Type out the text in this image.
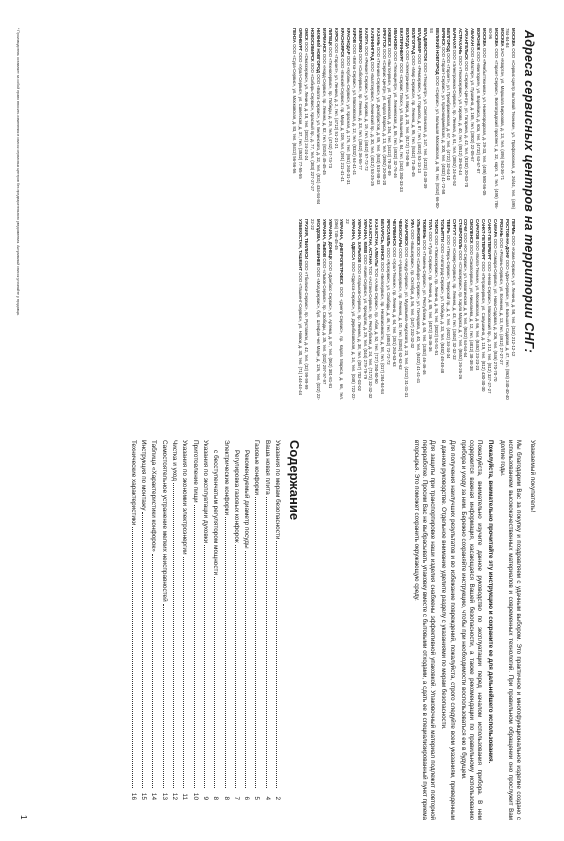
Адреса сервисных центров на территории СНГ:

МОСКВА ООО «Сервис-Центр Бытовой Техники», ул. Профсоюзная, д. 26/44, тел. (495) 784-84-84

МОСКВА ЗАО «Кварта», ул. Маршала Бирюзова, д. 13, тел. (495) 943-36-71

МОСКВА ООО «Гарант-Сервис», Волгоградский проспект, д. 32, корп. 3, тел. (495) 786-60-96

МОСКВА ООО «Рембыттехника», ул. Нижегородская, д. 29-33, тел. (495) 580-56-05

ВОРОНЕЖ ООО «Виктория», ул. Варейкиса, д. 60а, тел. (4732) 63-67-87

АБАКАН ООО «Мастер», ул. Пушкина, д. 165, тел. (3902) 22-05-67

АРХАНГЕЛЬСК ООО «Сервис-Центр», ул. Гагарина, д. 42, тел. (8182) 20-83-70

АСТРАХАНЬ ООО «Техносервис», ул. Кирова, д. 40, тел. (8512) 39-63-44

БАРНАУЛ ООО «Электроника-Сервис», пр. Ленина, д. 61, тел. (3852) 24-62-52

БЕЛГОРОД ООО «Гарант», ул. Преображенская, д. 67, тел. (4722) 32-64-10

БРЯНСК ООО «Гарант-Сервис», ул. Красноармейская, д. 100, тел. (4832) 41-72-58

ВЕЛИКИЙ НОВГОРОД ООО «Сервис», ул. Большая Московская, д. 58, тел. (8162) 66-00-93

ВЛАДИВОСТОК ООО «Техцентр», ул. Светланская, д. 147, тел. (4232) 43-39-39

ВЛАДИМИР ООО «Ремсервис», ул. Горького, д. 87, тел. (4922) 53-13-13

ВОЛГОГРАД ООО «Мир Сервиса», пр. Ленина, д. 95, тел. (8442) 73-45-45

ВОЛОГДА ООО «Электроника», ул. Мира, д. 20, тел. (8172) 72-50-96

ЕКАТЕРИНБУРГ ООО «Сервис Плюс», ул. Малышева, д. 84, тел. (343) 350-33-33

ИВАНОВО ООО «Техноцентр», ул. Лежневская, д. 55, тел. (4932) 32-76-46

ИЖЕВСК ООО «Бытсервис», ул. Пушкинская, д. 154, тел. (3412) 78-32-89

ИРКУТСК ООО «Сервис-Центр», ул. Карла Маркса, д. 13, тел. (3952) 20-85-20

КАЗАНЬ ООО «Техника-Сервис», ул. Декабристов, д. 85, тел. (843) 518-88-33

КАЛИНИНГРАД ООО «Балтсервис», Ленинский пр., д. 30, тел. (4012) 53-25-25

КАЛУГА ООО «Ремонт-Сервис», ул. Кирова, д. 19, тел. (4842) 57-72-72

КЕМЕРОВО ООО «Сибсервис», пр. Ленина, д. 33, тел. (3842) 36-55-77

КИРОВ ООО «Вятка-Сервис», ул. Московская, д. 12, тел. (8332) 64-41-41

КРАСНОДАР ООО «Кубань-Сервис», ул. Красная, д. 176, тел. (861) 260-31-31

КРАСНОЯРСК ООО «Енисей-Сервис», пр. Мира, д. 109, тел. (391) 211-41-41

КУРСК ООО «Гарант», ул. Ленина, д. 2, тел. (4712) 51-21-21

ЛИПЕЦК ООО «Техносервис», пр. Победы, д. 29, тел. (4742) 27-73-73

МУРМАНСК ООО «Норд-Сервис», пр. Ленина, д. 82, тел. (8152) 45-45-45

НИЖНИЙ НОВГОРОД ООО «Волга-Сервис», ул. Белинского, д. 32, тел. (831) 434-84-84

НОВОСИБИРСК ООО «Сибирь-Сервис», Красный пр., д. 77, тел. (383) 227-27-27

ОМСК ООО «Омсксервис», ул. Ленина, д. 18, тел. (3812) 24-24-24

ОРЕНБУРГ ООО «Урал-Сервис», ул. Советская, д. 37, тел. (3532) 77-55-55

ПЕНЗА ООО «Сура-Сервис», ул. Московская, д. 83, тел. (8412) 56-56-56

ПЕРМЬ ООО «Кама-Сервис», ул. Ленина, д. 58, тел. (342) 212-12-12

РОСТОВ-НА-ДОНУ ООО «Дон-Сервис», ул. Большая Садовая, д. 47, тел. (863) 240-40-40

РЯЗАНЬ ООО «Рязань-Сервис», ул. Есенина, д. 13, тел. (4912) 27-27-27

САМАРА ООО «Самара-Сервис», ул. Ново-Садовая, д. 106, тел. (846) 270-70-70

САНКТ-ПЕТЕРБУРГ ООО «Нева-Сервис», Московский пр., д. 212, тел. (812) 327-27-27

САНКТ-ПЕТЕРБУРГ ООО «Петросервис», ул. Савушкина, д. 119, тел. (812) 430-30-30

САРАТОВ ООО «Волга-Техник», ул. Московская, д. 66, тел. (8452) 23-23-23

СМОЛЕНСК ООО «Смолсервис», ул. Николаева, д. 12, тел. (4812) 38-38-38

СОЧИ ООО «Юг-Сервис», ул. Навагинская, д. 9, тел. (8622) 64-64-64

СТАВРОПОЛЬ ООО «Ставсервис», пр. Карла Маркса, д. 7, тел. (8652) 26-26-26

СУРГУТ ООО «Север-Сервис», пр. Ленина, д. 43, тел. (3462) 32-32-32

ТВЕРЬ ООО «Тверь-Сервис», Тверской пр., д. 2, тел. (4822) 34-34-34

ТОЛЬЯТТИ ООО «Автоград-Сервис», ул. Победы, д. 33, тел. (8482) 48-48-48

ТОМСК ООО «Томсксервис», пр. Ленина, д. 94, тел. (3822) 51-51-51

ТУЛА ООО «Тула-Сервис», пр. Ленина, д. 85, тел. (4872) 36-36-36

ТЮМЕНЬ ООО «Тюмень-Сервис», ул. Республики, д. 65, тел. (3452) 46-46-46

УЛЬЯНОВСК ООО «Симбирск-Сервис», ул. Гончарова, д. 40, тел. (8422) 41-41-41

УФА ООО «Башсервис», пр. Октября, д. 56, тел. (347) 232-32-32

ХАБАРОВСК ООО «Амур-Сервис», ул. Муравьева-Амурского, д. 23, тел. (4212) 31-31-31

ЧЕБОКСАРЫ ООО «Чувашсервис», пр. Ленина, д. 10, тел. (8352) 62-62-62

ЧЕЛЯБИНСК ООО «Урал-Техник», пр. Ленина, д. 64, тел. (351) 263-63-63

ЯРОСЛАВЛЬ ООО «Ярсервис», ул. Свободы, д. 46, тел. (4852) 72-72-72

БЕЛАРУСЬ, МИНСК ООО «Белсервис», пр. Независимости, д. 58, тел. (017) 284-84-84

КАЗАХСТАН, АЛМАТЫ ТОО «Алма-Сервис», пр. Абая, д. 52, тел. (727) 250-50-50

КАЗАХСТАН, АСТАНА ТОО «Астана-Сервис», пр. Республики, д. 24, тел. (7172) 32-32-32

УКРАИНА, КИЕВ ООО «Киев-Сервис», ул. Крещатик, д. 29, тел. (044) 279-79-79

УКРАИНА, ХАРЬКОВ ООО «Харьков-Сервис», пр. Ленина, д. 38, тел. (057) 702-02-02

УКРАИНА, ОДЕССА ООО «Одесса-Сервис», ул. Дерибасовская, д. 14, тел. (048) 722-22-22

УКРАИНА, ДНЕПРОПЕТРОВСК ООО «Днепр-Сервис», пр. Карла Маркса, д. 66, тел. (056) 745-45-45

УКРАИНА, ДОНЕЦК ООО «Донбасс-Сервис», ул. Артема, д. 97, тел. (062) 381-81-81

УКРАИНА, ЛЬВОВ ООО «Львов-Сервис», пр. Свободы, д. 35, тел. (032) 297-97-97

МОЛДОВА, КИШИНЕВ ООО «Молдсервис», бул. Штефан чел Маре, д. 126, тел. (022) 22-22-22

ГРУЗИЯ, ТБИЛИСИ ООО «Тбилиси-Сервис», пр. Руставели, д. 42, тел. (32) 99-99-99

УЗБЕКИСТАН, ТАШКЕНТ ООО «Ташкент-Сервис», ул. Навои, д. 30, тел. (71) 144-44-44

* Производитель оставляет за собой право вносить изменения в список сервисных центров без предварительного уведомления. Актуальный список уточняйте у продавца.
Уважаемый покупатель!

Мы благодарим Вас за покупку и поздравляем с удачным выбором. Это практичное и многофункциональное изделие создано с использованием высококачественных материалов и современных технологий. При правильном обращении оно прослужит Вам долгие годы.

Пожалуйста, внимательно прочитайте эту инструкцию и сохраните ее для дальнейшего использования.

Пожалуйста, внимательно изучите данное руководство по эксплуатации перед началом использования прибора. В нем содержится важная информация, касающаяся Вашей безопасности, а также рекомендации по правильному использованию прибора и уходу за ним. Бережно сохраняйте инструкцию, чтобы при необходимости воспользоваться ею в будущем.

Для получения наилучших результатов и во избежание повреждений, пожалуйста, строго следуйте всем указаниям, приведенным в данном руководстве. Отдельное внимание уделите разделу с указаниями по мерам безопасности.

Для защиты при транспортировке наши изделия снабжены эффективной упаковкой. Упаковочный материал подлежит повторной переработке. Просим Вас не выбрасывать упаковку вместе с бытовыми отходами, а сдать ее в специализированный пункт приема вторсырья. Это поможет сохранить окружающую среду.

Содержание
Указания по мерам безопасности
2
Ваша новая плита
4
Газовые конфорки
5
Рекомендуемый диаметр посуды
6
Регулировка газовых конфорок
7
Электрические конфорки
8
с бесступенчатым регулятором мощности
8
Указания по эксплуатации духовки
9
Приготовление пищи
10
Указания по экономии электроэнергии
11
Чистка и уход
12
Самостоятельное устранение мелких неисправностей
13
Таблица «Характеристики конфорок»
14
Инструкция по монтажу
15
Технические характеристики
16
1
